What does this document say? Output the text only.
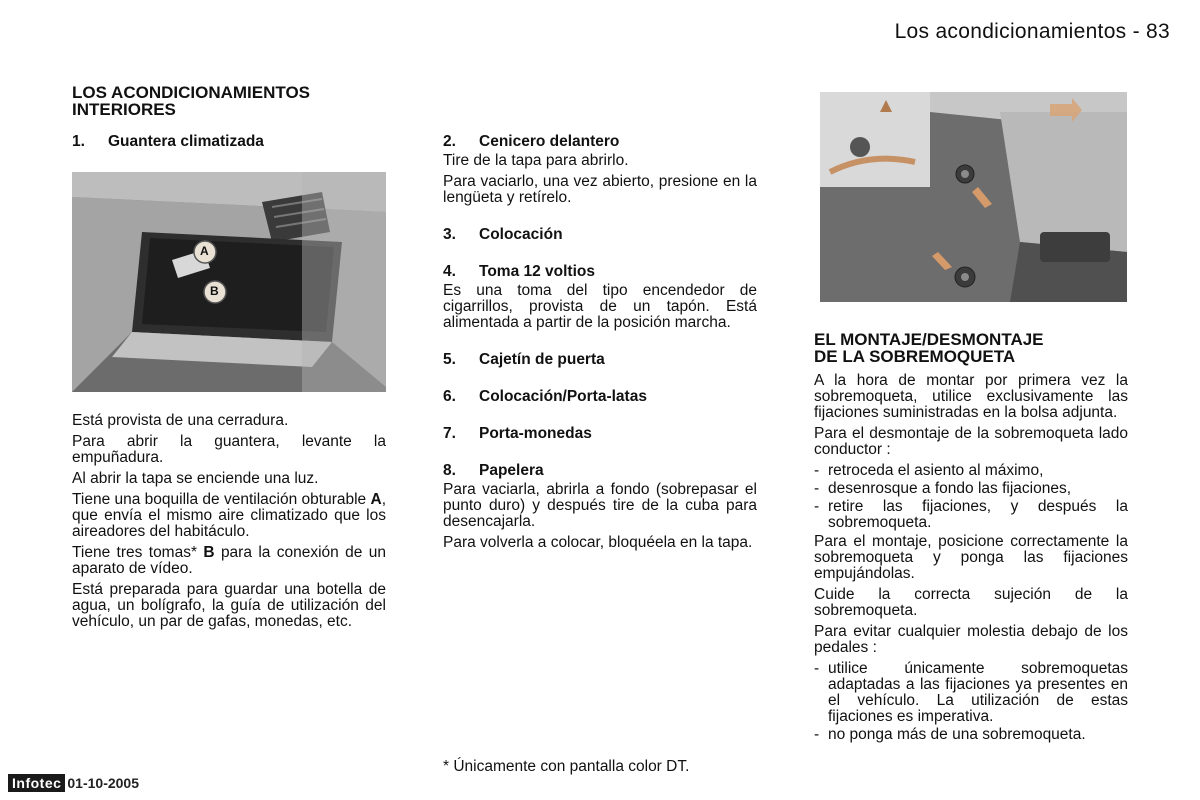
Los acondicionamientos - 83
LOS ACONDICIONAMIENTOS
INTERIORES
1.	Guantera climatizada
A
B

Está provista de una cerradura.

Para abrir la guantera, levante la empuñadura.

Al abrir la tapa se enciende una luz.

Tiene una boquilla de ventilación obturable A, que envía el mismo aire climatizado que los aireadores del habitáculo.

Tiene tres tomas* B para la conexión de un aparato de vídeo.

Está preparada para guardar una botella de agua, un bolígrafo, la guía de utilización del vehículo, un par de gafas, monedas, etc.

2.	Cenicero delantero

Tire de la tapa para abrirlo.

Para vaciarlo, una vez abierto, presione en la lengüeta y retírelo.

3.	Colocación
4.	Toma 12 voltios

Es una toma del tipo encendedor de cigarrillos, provista de un tapón. Está alimentada a partir de la posición marcha.

5.	Cajetín de puerta
6.	Colocación/Porta-latas
7.	Porta-monedas
8.	Papelera

Para vaciarla, abrirla a fondo (sobrepasar el punto duro) y después tire de la cuba para desencajarla.

Para volverla a colocar, bloquéela en la tapa.

* Únicamente con pantalla color DT.
EL MONTAJE/DESMONTAJE
DE LA SOBREMOQUETA

A la hora de montar por primera vez la sobremoqueta, utilice exclusivamente las fijaciones suministradas en la bolsa adjunta.

Para el desmontaje de la sobremoqueta lado conductor :

- retroceda el asiento al máximo,
- desenrosque a fondo las fijaciones,
- retire las fijaciones, y después la sobremoqueta.

Para el montaje, posicione correctamente la sobremoqueta y ponga las fijaciones empujándolas.

Cuide la correcta sujeción de la sobremoqueta.

Para evitar cualquier molestia debajo de los pedales :

- utilice únicamente sobremoquetas adaptadas a las fijaciones ya presentes en el vehículo. La utilización de estas fijaciones es imperativa.
- no ponga más de una sobremoqueta.
Infotec 01-10-2005
